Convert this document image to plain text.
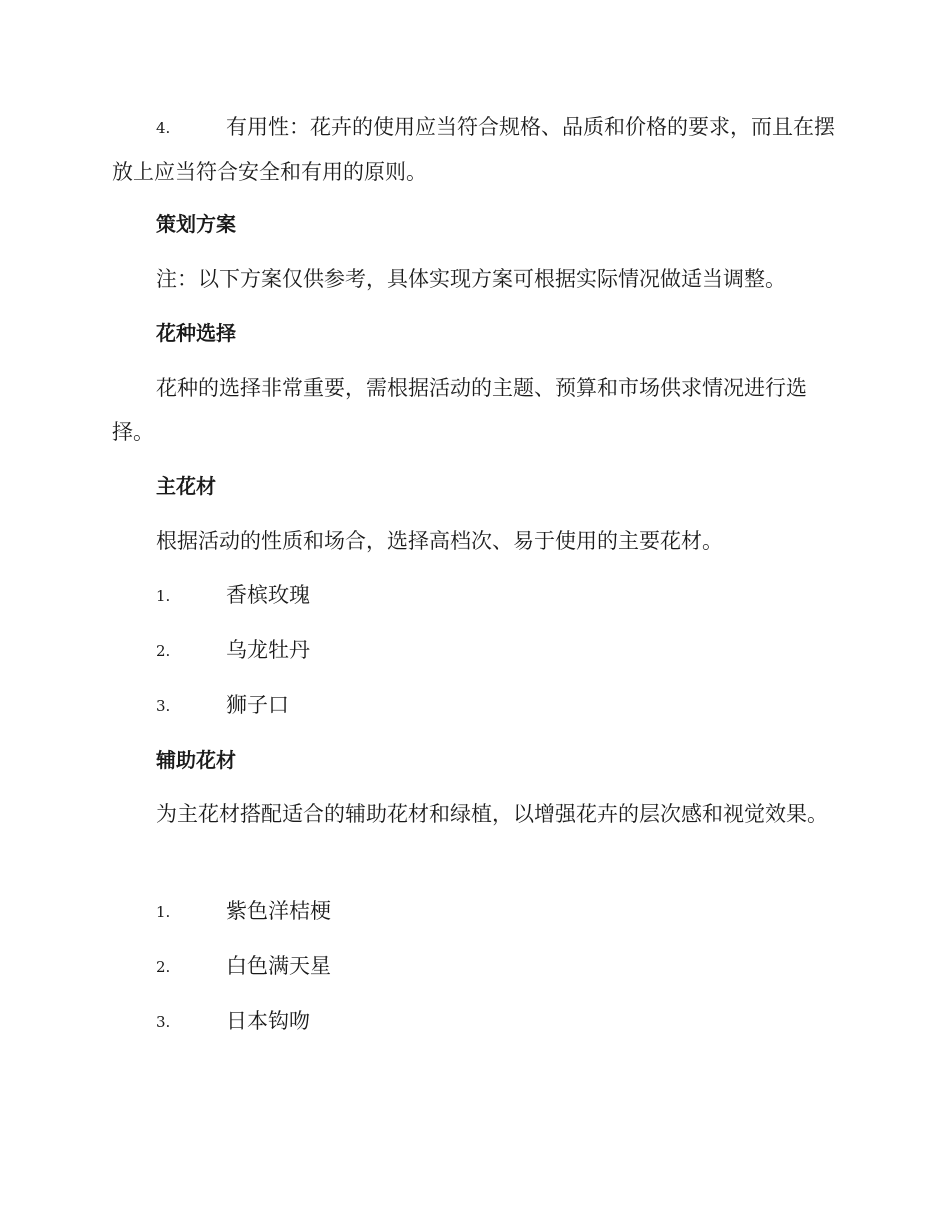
4.	有用性：花卉的使用应当符合规格、品质和价格的要求，而且在摆放上应当符合安全和有用的原则。

策划方案

注：以下方案仅供参考，具体实现方案可根据实际情况做适当调整。

花种选择

花种的选择非常重要，需根据活动的主题、预算和市场供求情况进行选择。

主花材

根据活动的性质和场合，选择高档次、易于使用的主要花材。

1.	香槟玫瑰
2.	乌龙牡丹
3.	狮子口
辅助花材

为主花材搭配适合的辅助花材和绿植，以增强花卉的层次感和视觉效果。

1.	紫色洋桔梗
2.	白色满天星
3.	日本钩吻
